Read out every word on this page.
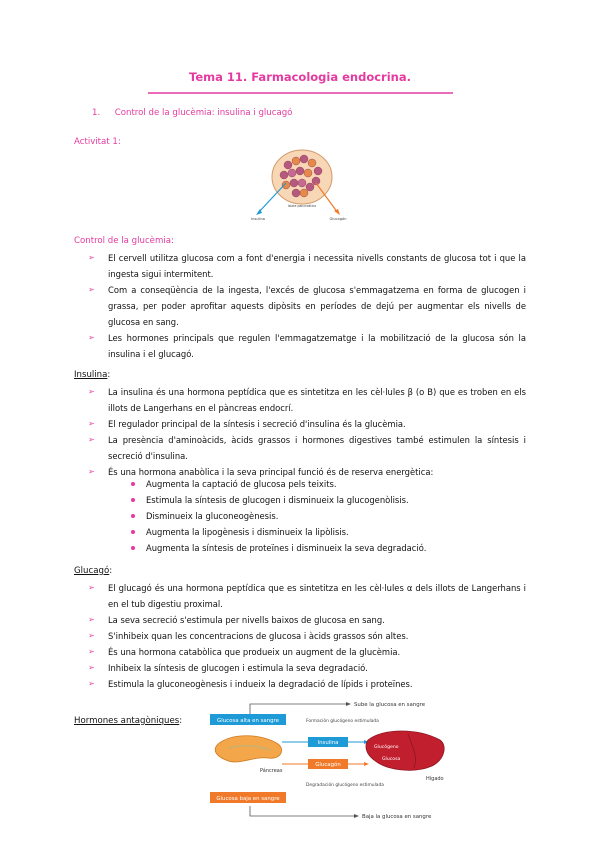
Tema 11. Farmacologia endocrina.
1. Control de la glucèmia: insulina i glucagó
Activitat 1:
Islote pancreático
Insulina	Glucagón
Control de la glucèmia:
➢ El cervell utilitza glucosa com a font d'energia i necessita nivells constants de glucosa tot i que la ingesta sigui intermitent.
➢ Com a conseqüència de la ingesta, l'excés de glucosa s'emmagatzema en forma de glucogen i grassa, per poder aprofitar aquests dipòsits en períodes de dejú per augmentar els nivells de glucosa en sang.
➢ Les hormones principals que regulen l'emmagatzematge i la mobilització de la glucosa són la insulina i el glucagó.
Insulina:
➢ La insulina és una hormona peptídica que es sintetitza en les cèl·lules β (o B) que es troben en els illots de Langerhans en el pàncreas endocrí.
➢ El regulador principal de la síntesis i secreció d'insulina és la glucèmia.
➢ La presència d'aminoàcids, àcids grassos i hormones digestives també estimulen la síntesis i secreció d'insulina.
➢ És una hormona anabòlica i la seva principal funció és de reserva energètica:
Augmenta la captació de glucosa pels teixits.
Estimula la síntesis de glucogen i disminueix la glucogenòlisis.
Disminueix la gluconeogènesis.
Augmenta la lipogènesis i disminueix la lipòlisis.
Augmenta la síntesis de proteïnes i disminueix la seva degradació.
Glucagó:
➢ El glucagó és una hormona peptídica que es sintetitza en les cèl·lules α dels illots de Langerhans i en el tub digestiu proximal.
➢ La seva secreció s'estimula per nivells baixos de glucosa en sang.
➢ S'inhibeix quan les concentracions de glucosa i àcids grassos són altes.
➢ És una hormona catabòlica que produeix un augment de la glucèmia.
➢ Inhibeix la síntesis de glucogen i estimula la seva degradació.
➢ Estimula la gluconeogènesis i indueix la degradació de lípids i proteïnes.
Hormones antagòniques:
Sube la glucosa en sangre
Baja la glucosa en sangre
Glucosa alta en sangre
Glucosa baja en sangre
Páncreas
Insulina
Glucagón
Formación glucógeno estimulada
Degradación glucógeno estimulada
Glucógeno
Glucosa
Hígado
